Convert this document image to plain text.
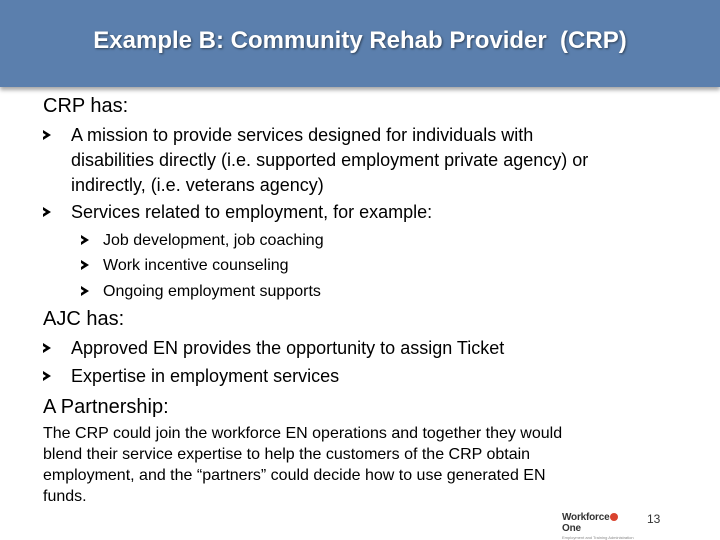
Example B: Community Rehab Provider  (CRP)
CRP has:
A mission to provide services designed for individuals with
disabilities directly (i.e. supported employment private agency) or
indirectly, (i.e. veterans agency)
Services related to employment, for example:
Job development, job coaching
Work incentive counseling
Ongoing employment supports
AJC has:
Approved EN provides the opportunity to assign Ticket
Expertise in employment services
A Partnership:
The CRP could join the workforce EN operations and together they would
blend their service expertise to help the customers of the CRP obtain
employment, and the “partners” could decide how to use generated EN
funds.
WorkforceOne
Employment and Training Administration
13
